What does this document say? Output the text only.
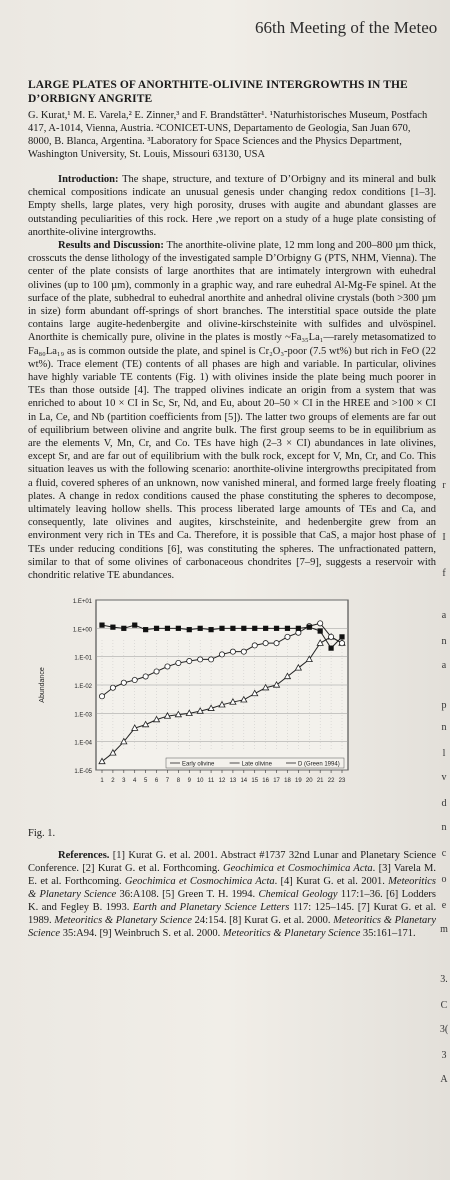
66th Meeting of the Meteo
LARGE PLATES OF ANORTHITE-OLIVINE INTERGROWTHS IN THE D’ORBIGNY ANGRITE
G. Kurat,¹ M. E. Varela,² E. Zinner,³ and F. Brandstätter¹. ¹Naturhistorisches Museum, Postfach 417, A-1014, Vienna, Austria. ²CONICET-UNS, Departamento de Geologia, San Juan 670, 8000, B. Blanca, Argentina. ³Laboratory for Space Sciences and the Physics Department, Washington University, St. Louis, Missouri 63130, USA

Introduction: The shape, structure, and texture of D’Orbigny and its mineral and bulk chemical compositions indicate an unusual genesis under changing redox conditions [1–3]. Empty shells, large plates, very high porosity, druses with augite and abundant glasses are outstanding peculiarities of this rock. Here ,we report on a study of a huge plate consisting of anorthite-olivine intergrowths.

Results and Discussion: The anorthite-olivine plate, 12 mm long and 200–800 µm thick, crosscuts the dense lithology of the investigated sample D’Orbigny G (PTS, NHM, Vienna). The center of the plate consists of large anorthites that are intimately intergrown with euhedral olivines (up to 100 µm), commonly in a graphic way, and rare euhedral Al-Mg-Fe spinel. At the surface of the plate, subhedral to euhedral anorthite and anhedral olivine crystals (both >300 µm in size) form abundant off-springs of short branches. The interstitial space outside the plate contains large augite-hedenbergite and olivine-kirschsteinite with sulfides and ulvöspinel. Anorthite is chemically pure, olivine in the plates is mostly ~Fa₃₅La₁—rarely metasomatized to Fa₈₀La₁₉ as is common outside the plate, and spinel is Cr₂O₃-poor (7.5 wt%) but rich in FeO (22 wt%). Trace element (TE) contents of all phases are high and variable. In particular, olivines have highly variable TE contents (Fig. 1) with olivines inside the plate being much poorer in TEs than those outside [4]. The trapped olivines indicate an origin from a system that was enriched to about 10 × CI in Sc, Sr, Nd, and Eu, about 20–50 × CI in the HREE and >100 × CI in La, Ce, and Nb (partition coefficients from [5]). The latter two groups of elements are far out of equilibrium between olivine and angrite bulk. The first group seems to be in equilibrium as are the elements V, Mn, Cr, and Co. TEs have high (2–3 × CI) abundances in late olivines, except Sr, and are far out of equilibrium with the bulk rock, except for V, Mn, Cr, and Co. This situation leaves us with the following scenario: anorthite-olivine intergrowths precipitated from a fluid, covered spheres of an unknown, now vanished mineral, and formed large freely floating plates. A change in redox conditions caused the phase constituting the spheres to decompose, ultimately leaving hollow shells. This process liberated large amounts of TEs and Ca, and consequently, late olivines and augites, kirschsteinite, and hedenbergite grew from an environment very rich in TEs and Ca. Therefore, it is possible that CaS, a major host phase of TEs under reducing conditions [6], was constituting the spheres. The unfractionated pattern, similar to that of some olivines of carbonaceous chondrites [7–9], suggests a reservoir with chondritic relative TE abundances.

1.E+01
1.E+00
1.E-01
1.E-02
1.E-03
1.E-04
1.E-05
1 2 3 4 5 6 7 8 9 10 11 12 13 14 15 16 17 18 19 20 21 22 23
Abundance
Early olivine	Late olivine	D (Green 1994)
Fig. 1.

References. [1] Kurat G. et al. 2001. Abstract #1737 32nd Lunar and Planetary Science Conference. [2] Kurat G. et al. Forthcoming. Geochimica et Cosmochimica Acta. [3] Varela M. E. et al. Forthcoming. Geochimica et Cosmochimica Acta. [4] Kurat G. et al. 2001. Meteoritics & Planetary Science 36:A108. [5] Green T. H. 1994. Chemical Geology 117:1–36. [6] Lodders K. and Fegley B. 1993. Earth and Planetary Science Letters 117: 125–145. [7] Kurat G. et al. 1989. Meteoritics & Planetary Science 24:154. [8] Kurat G. et al. 2000. Meteoritics & Planetary Science 35:A94. [9] Weinbruch S. et al. 2000. Meteoritics & Planetary Science 35:161–171.

r
I
f
a
n
a
p
n
l
v
d
n
c
o
e
m
3.
C
3(
3
A
